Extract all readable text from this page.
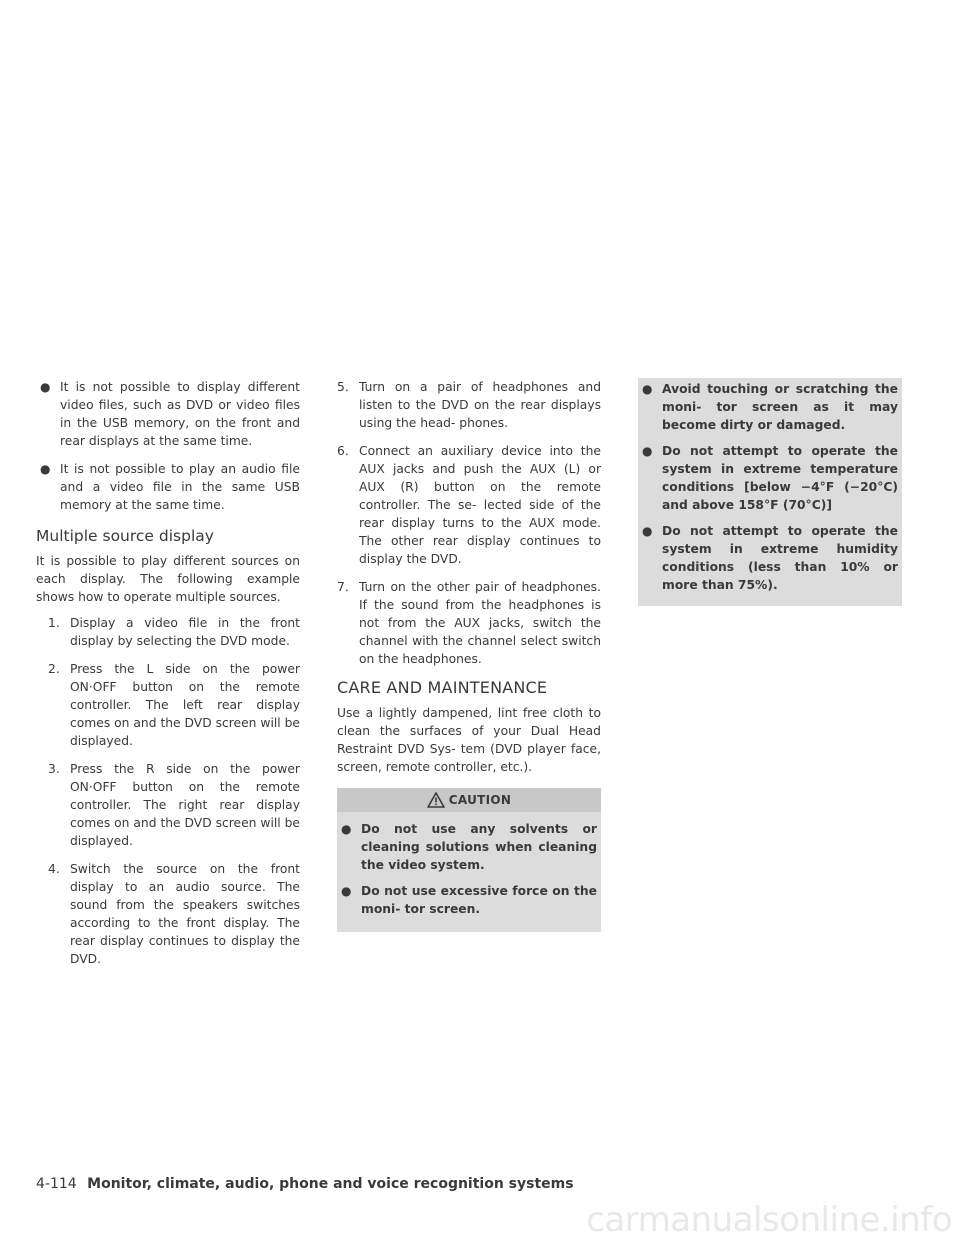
● It is not possible to display different video files, such as DVD or video files in the USB memory, on the front and rear displays at the same time.
● It is not possible to play an audio file and a video file in the same USB memory at the same time.
Multiple source display

It is possible to play different sources on each display. The following example shows how to operate multiple sources.

1. Display a video file in the front display by selecting the DVD mode.
2. Press the L side on the power ON·OFF button on the remote controller. The left rear display comes on and the DVD screen will be displayed.
3. Press the R side on the power ON·OFF button on the remote controller. The right rear display comes on and the DVD screen will be displayed.
4. Switch the source on the front display to an audio source. The sound from the speakers switches according to the front display. The rear display continues to display the DVD.
5. Turn on a pair of headphones and listen to the DVD on the rear displays using the head- phones.
6. Connect an auxiliary device into the AUX jacks and push the AUX (L) or AUX (R) button on the remote controller. The se- lected side of the rear display turns to the AUX mode. The other rear display continues to display the DVD.
7. Turn on the other pair of headphones. If the sound from the headphones is not from the AUX jacks, switch the channel with the channel select switch on the headphones.
CARE AND MAINTENANCE

Use a lightly dampened, lint free cloth to clean the surfaces of your Dual Head Restraint DVD Sys- tem (DVD player face, screen, remote controller, etc.).

CAUTION
● Do not use any solvents or cleaning solutions when cleaning the video system.
● Do not use excessive force on the moni- tor screen.
● Avoid touching or scratching the moni- tor screen as it may become dirty or damaged.
● Do not attempt to operate the system in extreme temperature conditions [below −4°F (−20°C) and above 158°F (70°C)]
● Do not attempt to operate the system in extreme humidity conditions (less than 10% or more than 75%).
4-114 Monitor, climate, audio, phone and voice recognition systems
carmanualsonline.info
